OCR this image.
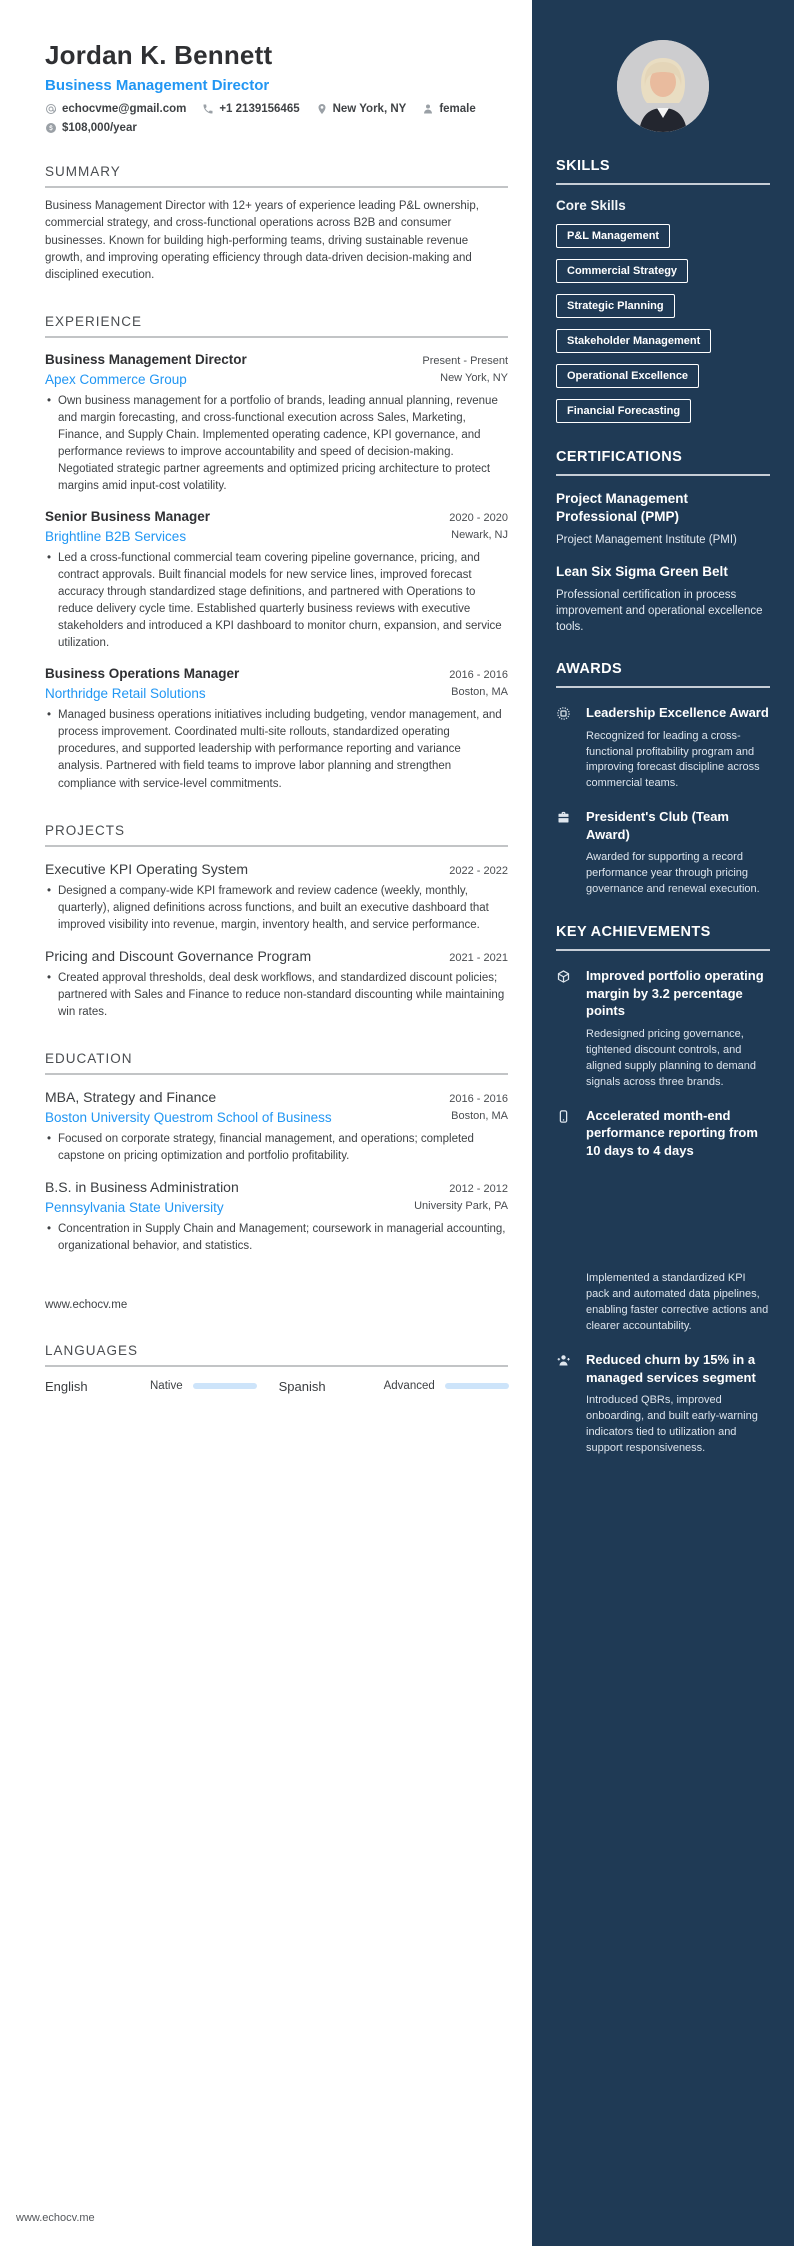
Jordan K. Bennett
Business Management Director
echocvme@gmail.com	+1 2139156465	New York, NY	female
$108,000/year
SUMMARY

Business Management Director with 12+ years of experience leading P&L ownership, commercial strategy, and cross-functional operations across B2B and consumer businesses. Known for building high-performing teams, driving sustainable revenue growth, and improving operating efficiency through data-driven decision-making and disciplined execution.

EXPERIENCE
Business Management Director	Present - Present
Apex Commerce Group	New York, NY
• Own business management for a portfolio of brands, leading annual planning, revenue and margin forecasting, and cross-functional execution across Sales, Marketing, Finance, and Supply Chain. Implemented operating cadence, KPI governance, and performance reviews to improve accountability and speed of decision-making. Negotiated strategic partner agreements and optimized pricing architecture to protect margins amid input-cost volatility.
Senior Business Manager	2020 - 2020
Brightline B2B Services	Newark, NJ
• Led a cross-functional commercial team covering pipeline governance, pricing, and contract approvals. Built financial models for new service lines, improved forecast accuracy through standardized stage definitions, and partnered with Operations to reduce delivery cycle time. Established quarterly business reviews with executive stakeholders and introduced a KPI dashboard to monitor churn, expansion, and service utilization.
Business Operations Manager	2016 - 2016
Northridge Retail Solutions	Boston, MA
• Managed business operations initiatives including budgeting, vendor management, and process improvement. Coordinated multi-site rollouts, standardized operating procedures, and supported leadership with performance reporting and variance analysis. Partnered with field teams to improve labor planning and strengthen compliance with service-level commitments.
PROJECTS
Executive KPI Operating System	2022 - 2022
• Designed a company-wide KPI framework and review cadence (weekly, monthly, quarterly), aligned definitions across functions, and built an executive dashboard that improved visibility into revenue, margin, inventory health, and service performance.
Pricing and Discount Governance Program	2021 - 2021
• Created approval thresholds, deal desk workflows, and standardized discount policies; partnered with Sales and Finance to reduce non-standard discounting while maintaining win rates.
EDUCATION
MBA, Strategy and Finance	2016 - 2016
Boston University Questrom School of Business	Boston, MA
• Focused on corporate strategy, financial management, and operations; completed capstone on pricing optimization and portfolio profitability.
B.S. in Business Administration	2012 - 2012
Pennsylvania State University	University Park, PA
• Concentration in Supply Chain and Management; coursework in managerial accounting, organizational behavior, and statistics.
www.echocv.me
LANGUAGES
English	Native	Spanish	Advanced
www.echocv.me
SKILLS
Core Skills
P&L Management
Commercial Strategy
Strategic Planning
Stakeholder Management
Operational Excellence
Financial Forecasting
CERTIFICATIONS
Project Management Professional (PMP)
Project Management Institute (PMI)
Lean Six Sigma Green Belt
Professional certification in process improvement and operational excellence tools.
AWARDS
Leadership Excellence Award
Recognized for leading a cross-functional profitability program and improving forecast discipline across commercial teams.
President's Club (Team Award)
Awarded for supporting a record performance year through pricing governance and renewal execution.
KEY ACHIEVEMENTS
Improved portfolio operating margin by 3.2 percentage points
Redesigned pricing governance, tightened discount controls, and aligned supply planning to demand signals across three brands.
Accelerated month-end performance reporting from 10 days to 4 days
Implemented a standardized KPI pack and automated data pipelines, enabling faster corrective actions and clearer accountability.
Reduced churn by 15% in a managed services segment
Introduced QBRs, improved onboarding, and built early-warning indicators tied to utilization and support responsiveness.
